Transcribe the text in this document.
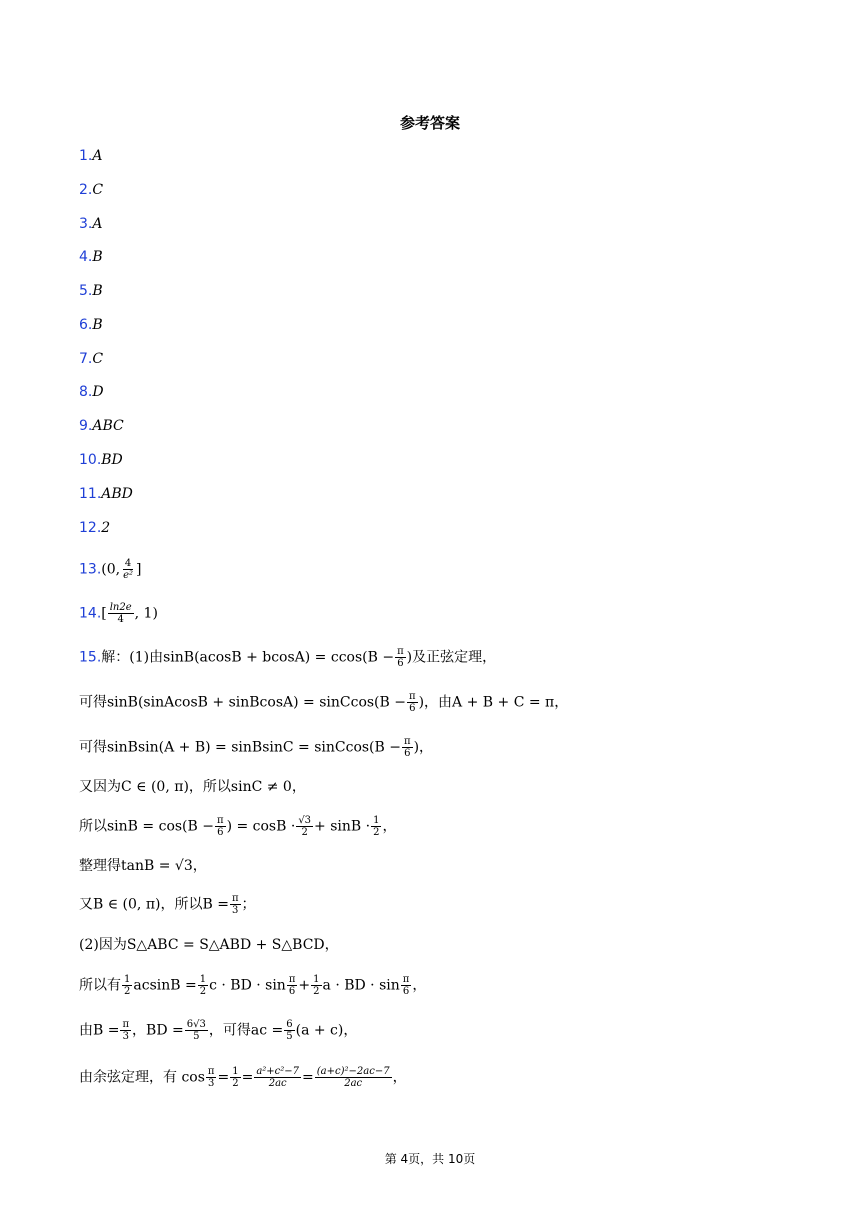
参考答案
1.A
2.C
3.A
4.B
5.B
6.B
7.C
8.D
9.ABC
10.BD
11.ABD
12.2
13.(0, $\frac{4}{\text{e²}}$ ]
$14.[ \frac{\ln 2e}{4}$ , 1)
15.解：(1)由$\sin B(acosB + bcosA) = ccos(B - \frac{\pi}{6}$ )及正弦定理，
可得sinB(sinAcosB + sinBcosA) = sinCcos(B − $\frac{\pi}{6}$ )，由A + B + C = π，
可得sinBsin(A + B) = sinBsinC = sinCcos(B − $\frac{\pi}{6}$ )，
又因为C ∈ (0, π)，所以sinC ≠ 0，
所以$\sin B = \cos(B - \frac{\pi}{6}$ ) = $\cos B \cdot \frac{√3}{2} + \sin B \cdot \frac{1}{2}$ ，
整理得tanB = √3，
又B ∈ (0, π)，所以$B = \frac{\pi}{3}$ ；
(2)因为S△ABC = S△ABD + S△BCD，
所以有 $\frac{1}{2}$ $acsinB = \frac{1}{2}$ c · BD · $\sin \frac{\pi}{6} + \frac{1}{2}$ a · BD · $\sin \frac{\pi}{6}$ ，
由$B = \frac{\pi}{3}$ ，BD = $\frac{6√3}{5}$ ，可得ac = $\frac{6}{5} (a + c)$，
由余弦定理，有 $\cos \frac{\pi}{3} = \frac{1}{2} = \frac{\text{a²+c²−7}}{2ac} = \frac{\text{(a+c)²−2ac−7}}{2ac}$ ，
第 4页，共 10页
